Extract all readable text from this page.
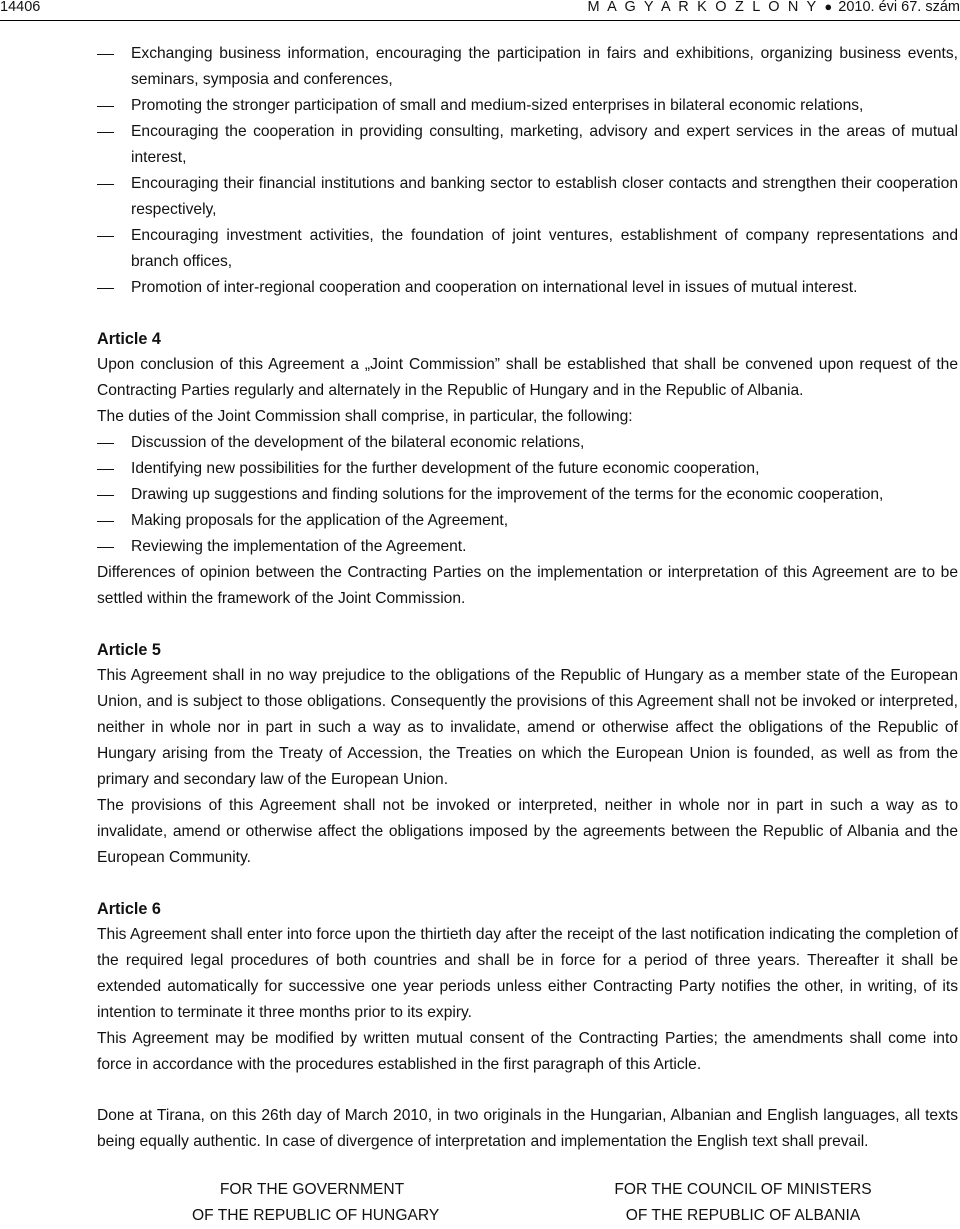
14406	M A G Y A R K Ö Z L Ö N Y ● 2010. évi 67. szám
Exchanging business information, encouraging the participation in fairs and exhibitions, organizing business events, seminars, symposia and conferences,
Promoting the stronger participation of small and medium-sized enterprises in bilateral economic relations,
Encouraging the cooperation in providing consulting, marketing, advisory and expert services in the areas of mutual interest,
Encouraging their financial institutions and banking sector to establish closer contacts and strengthen their cooperation respectively,
Encouraging investment activities, the foundation of joint ventures, establishment of company representations and branch offices,
Promotion of inter-regional cooperation and cooperation on international level in issues of mutual interest.
Article 4

Upon conclusion of this Agreement a „Joint Commission” shall be established that shall be convened upon request of the Contracting Parties regularly and alternately in the Republic of Hungary and in the Republic of Albania.

The duties of the Joint Commission shall comprise, in particular, the following:

Discussion of the development of the bilateral economic relations,
Identifying new possibilities for the further development of the future economic cooperation,
Drawing up suggestions and finding solutions for the improvement of the terms for the economic cooperation,
Making proposals for the application of the Agreement,
Reviewing the implementation of the Agreement.

Differences of opinion between the Contracting Parties on the implementation or interpretation of this Agreement are to be settled within the framework of the Joint Commission.

Article 5

This Agreement shall in no way prejudice to the obligations of the Republic of Hungary as a member state of the European Union, and is subject to those obligations. Consequently the provisions of this Agreement shall not be invoked or interpreted, neither in whole nor in part in such a way as to invalidate, amend or otherwise affect the obligations of the Republic of Hungary arising from the Treaty of Accession, the Treaties on which the European Union is founded, as well as from the primary and secondary law of the European Union.

The provisions of this Agreement shall not be invoked or interpreted, neither in whole nor in part in such a way as to invalidate, amend or otherwise affect the obligations imposed by the agreements between the Republic of Albania and the European Community.

Article 6

This Agreement shall enter into force upon the thirtieth day after the receipt of the last notification indicating the completion of the required legal procedures of both countries and shall be in force for a period of three years. Thereafter it shall be extended automatically for successive one year periods unless either Contracting Party notifies the other, in writing, of its intention to terminate it three months prior to its expiry.

This Agreement may be modified by written mutual consent of the Contracting Parties; the amendments shall come into force in accordance with the procedures established in the first paragraph of this Article.

Done at Tirana, on this 26th day of March 2010, in two originals in the Hungarian, Albanian and English languages, all texts being equally authentic. In case of divergence of interpretation and implementation the English text shall prevail.

FOR THE GOVERNMENT
OF THE REPUBLIC OF HUNGARY
FOR THE COUNCIL OF MINISTERS
OF THE REPUBLIC OF ALBANIA
